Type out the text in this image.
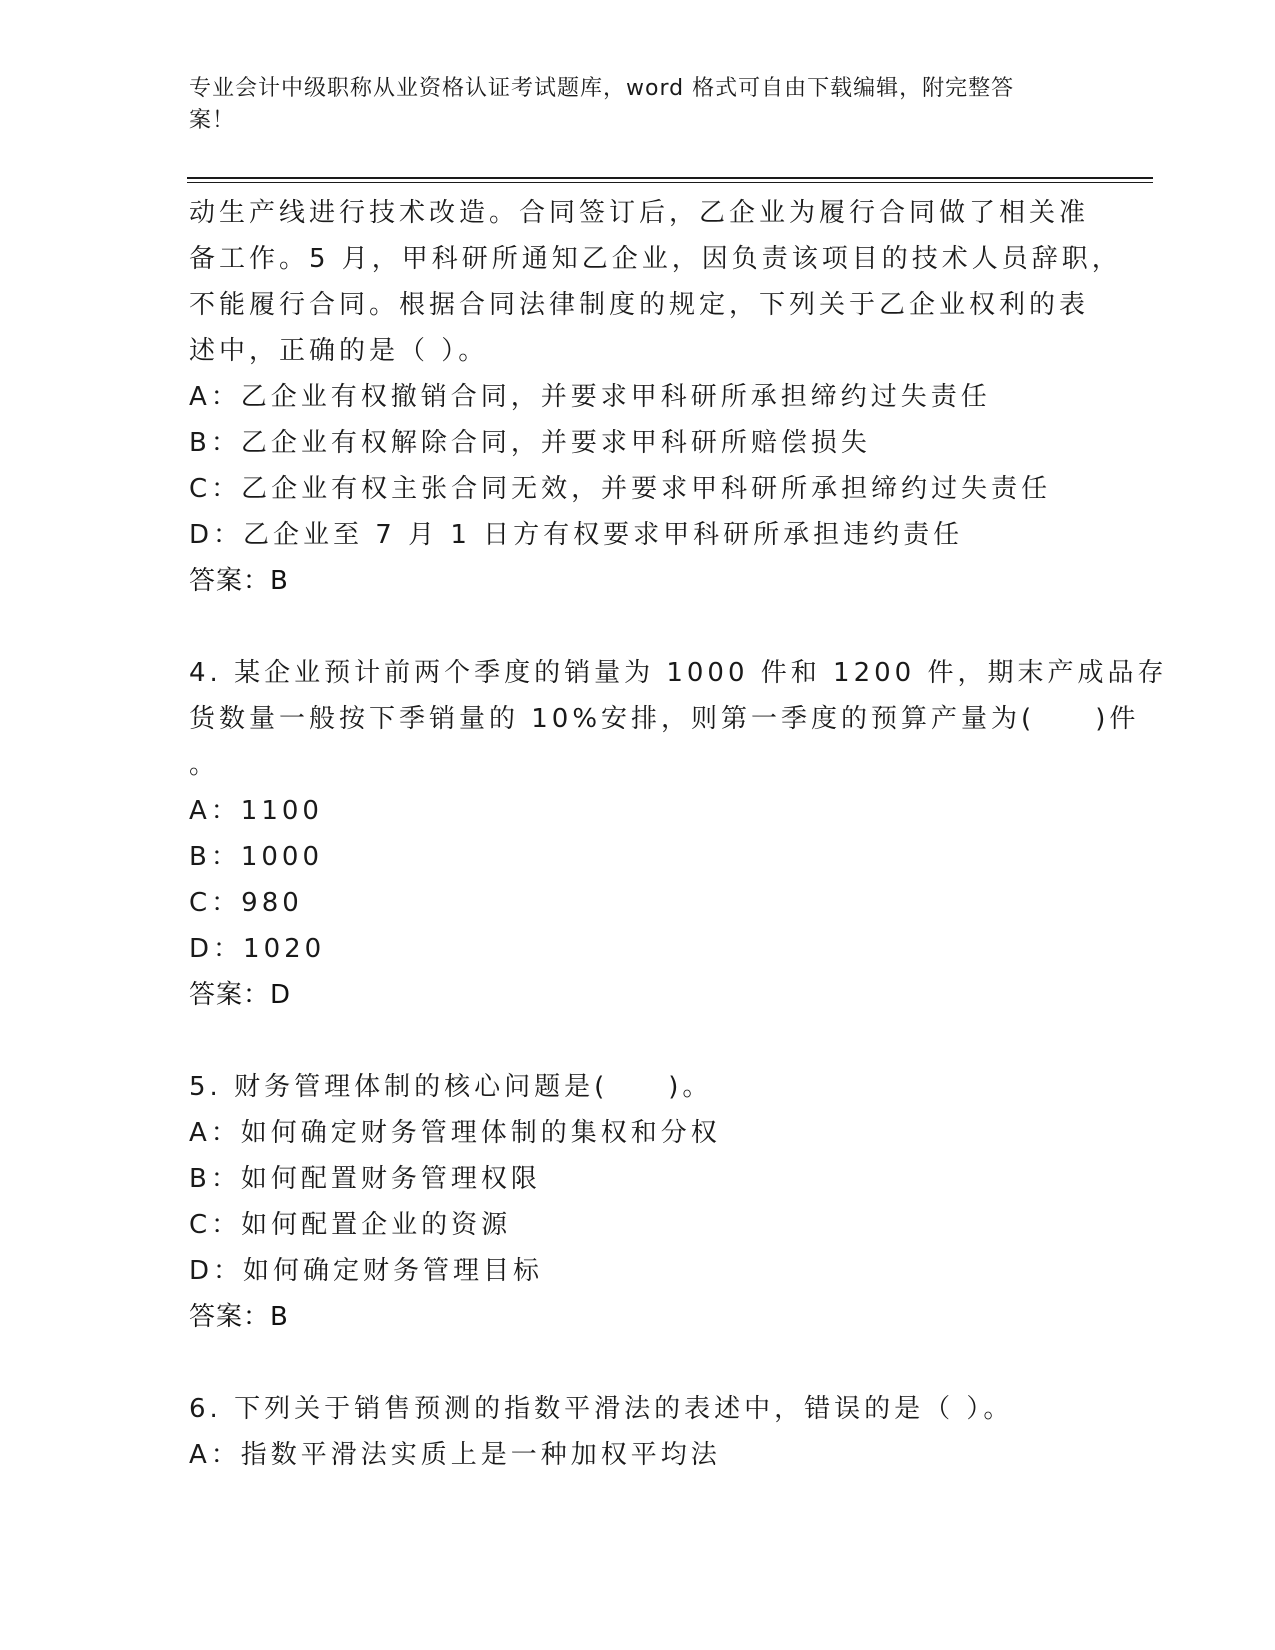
专业会计中级职称从业资格认证考试题库，word 格式可自由下载编辑，附完整答
案！
动生产线进行技术改造。合同签订后，乙企业为履行合同做了相关准
备工作。5 月，甲科研所通知乙企业，因负责该项目的技术人员辞职，
不能履行合同。根据合同法律制度的规定，下列关于乙企业权利的表
述中，正确的是（ ）。
A：乙企业有权撤销合同，并要求甲科研所承担缔约过失责任
B：乙企业有权解除合同，并要求甲科研所赔偿损失
C：乙企业有权主张合同无效，并要求甲科研所承担缔约过失责任
D：乙企业至 7 月 1 日方有权要求甲科研所承担违约责任
答案：B
4. 某企业预计前两个季度的销量为 1000 件和 1200 件，期末产成品存
货数量一般按下季销量的 10%安排，则第一季度的预算产量为(　　)件
。
A：1100
B：1000
C：980
D：1020
答案：D
5. 财务管理体制的核心问题是(　　)。
A：如何确定财务管理体制的集权和分权
B：如何配置财务管理权限
C：如何配置企业的资源
D：如何确定财务管理目标
答案：B
6. 下列关于销售预测的指数平滑法的表述中，错误的是（ ）。
A：指数平滑法实质上是一种加权平均法
